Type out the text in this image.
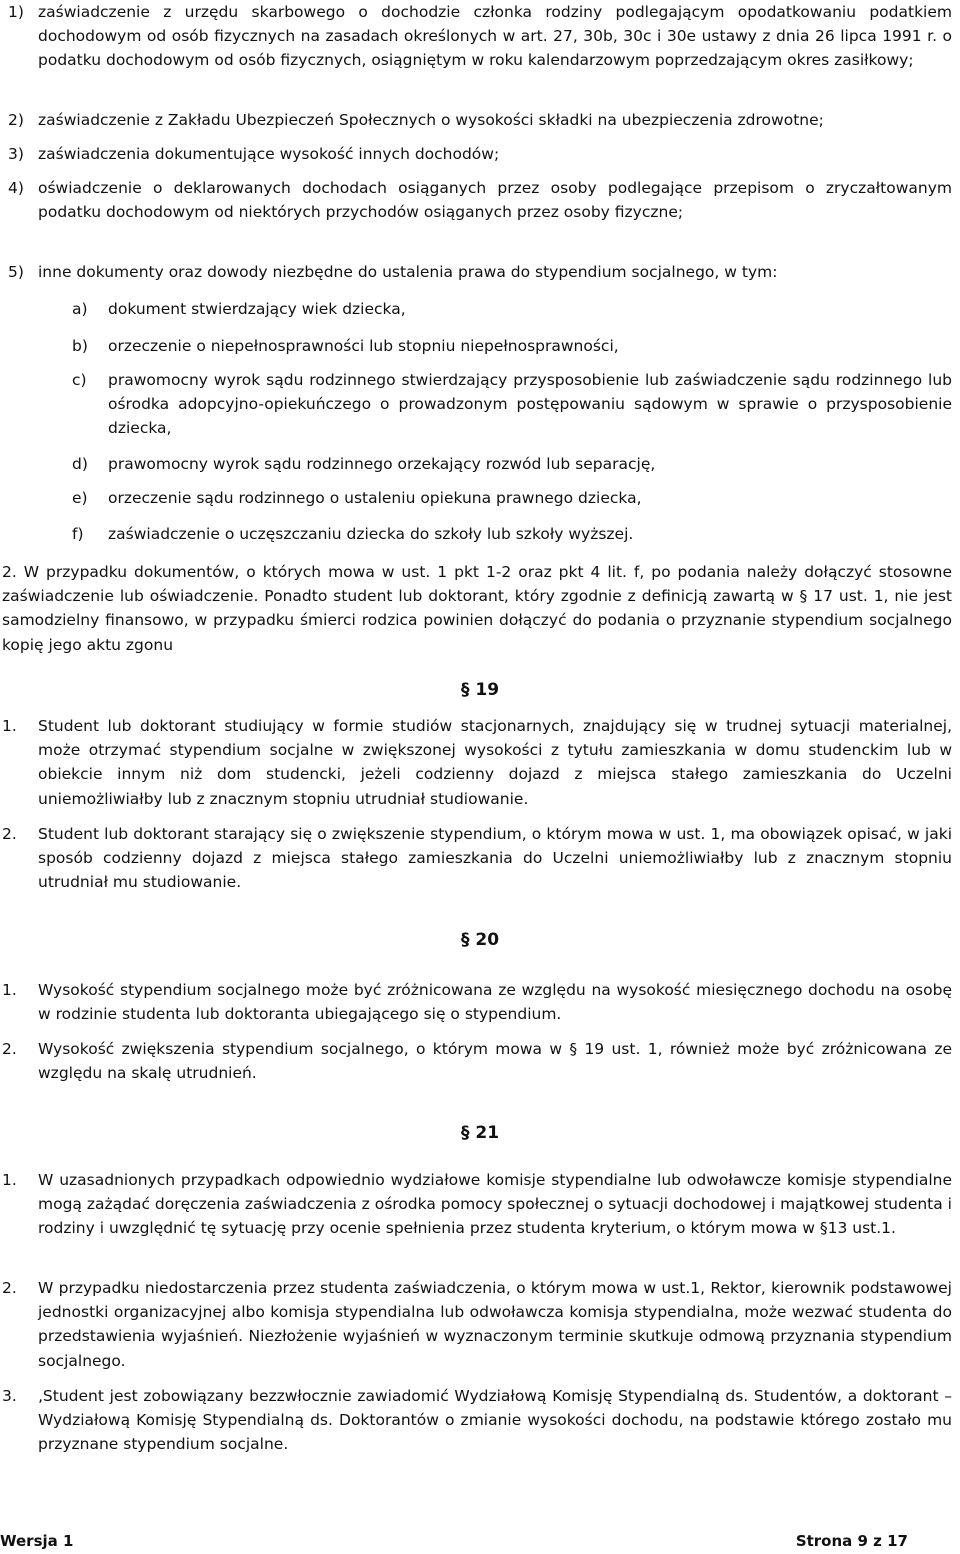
1) zaświadczenie z urzędu skarbowego o dochodzie członka rodziny podlegającym opodatkowaniu podatkiem dochodowym od osób fizycznych na zasadach określonych w art. 27, 30b, 30c i 30e ustawy z dnia 26 lipca 1991 r. o podatku dochodowym od osób fizycznych, osiągniętym w roku kalendarzowym poprzedzającym okres zasiłkowy;
2) zaświadczenie z Zakładu Ubezpieczeń Społecznych o wysokości składki na ubezpieczenia zdrowotne;
3) zaświadczenia dokumentujące wysokość innych dochodów;
4) oświadczenie o deklarowanych dochodach osiąganych przez osoby podlegające przepisom o zryczałtowanym podatku dochodowym od niektórych przychodów osiąganych przez osoby fizyczne;
5) inne dokumenty oraz dowody niezbędne do ustalenia prawa do stypendium socjalnego, w tym:
a) dokument stwierdzający wiek dziecka,
b) orzeczenie o niepełnosprawności lub stopniu niepełnosprawności,
c) prawomocny wyrok sądu rodzinnego stwierdzający przysposobienie lub zaświadczenie sądu rodzinnego lub ośrodka adopcyjno-opiekuńczego o prowadzonym postępowaniu sądowym w sprawie o przysposobienie dziecka,
d) prawomocny wyrok sądu rodzinnego orzekający rozwód lub separację,
e) orzeczenie sądu rodzinnego o ustaleniu opiekuna prawnego dziecka,
f) zaświadczenie o uczęszczaniu dziecka do szkoły lub szkoły wyższej.
2. W przypadku dokumentów, o których mowa w ust. 1 pkt 1-2 oraz pkt 4 lit. f, po podania należy dołączyć stosowne zaświadczenie lub oświadczenie. Ponadto student lub doktorant, który zgodnie z definicją zawartą w § 17 ust. 1, nie jest samodzielny finansowo, w przypadku śmierci rodzica powinien dołączyć do podania o przyznanie stypendium socjalnego kopię jego aktu zgonu
§ 19
1. Student lub doktorant studiujący w formie studiów stacjonarnych, znajdujący się w trudnej sytuacji materialnej, może otrzymać stypendium socjalne w zwiększonej wysokości z tytułu zamieszkania w domu studenckim lub w obiekcie innym niż dom studencki, jeżeli codzienny dojazd z miejsca stałego zamieszkania do Uczelni uniemożliwiałby lub z znacznym stopniu utrudniał studiowanie.
2. Student lub doktorant starający się o zwiększenie stypendium, o którym mowa w ust. 1, ma obowiązek opisać, w jaki sposób codzienny dojazd z miejsca stałego zamieszkania do Uczelni uniemożliwiałby lub z znacznym stopniu utrudniał mu studiowanie.
§ 20
1. Wysokość stypendium socjalnego może być zróżnicowana ze względu na wysokość miesięcznego dochodu na osobę w rodzinie studenta lub doktoranta ubiegającego się o stypendium.
2. Wysokość zwiększenia stypendium socjalnego, o którym mowa w § 19 ust. 1, również może być zróżnicowana ze względu na skalę utrudnień.
§ 21
1. W uzasadnionych przypadkach odpowiednio wydziałowe komisje stypendialne lub odwoławcze komisje stypendialne mogą zażądać doręczenia zaświadczenia z ośrodka pomocy społecznej o sytuacji dochodowej i majątkowej studenta i rodziny i uwzględnić tę sytuację przy ocenie spełnienia przez studenta kryterium, o którym mowa w §13 ust.1.
2. W przypadku niedostarczenia przez studenta zaświadczenia, o którym mowa w ust.1, Rektor, kierownik podstawowej jednostki organizacyjnej albo komisja stypendialna lub odwoławcza komisja stypendialna, może wezwać studenta do przedstawienia wyjaśnień. Niezłożenie wyjaśnień w wyznaczonym terminie skutkuje odmową przyznania stypendium socjalnego.
3. ‚Student jest zobowiązany bezzwłocznie zawiadomić Wydziałową Komisję Stypendialną ds. Studentów, a doktorant – Wydziałową Komisję Stypendialną ds. Doktorantów o zmianie wysokości dochodu, na podstawie którego zostało mu przyznane stypendium socjalne.
Wersja 1	Strona 9 z 17
